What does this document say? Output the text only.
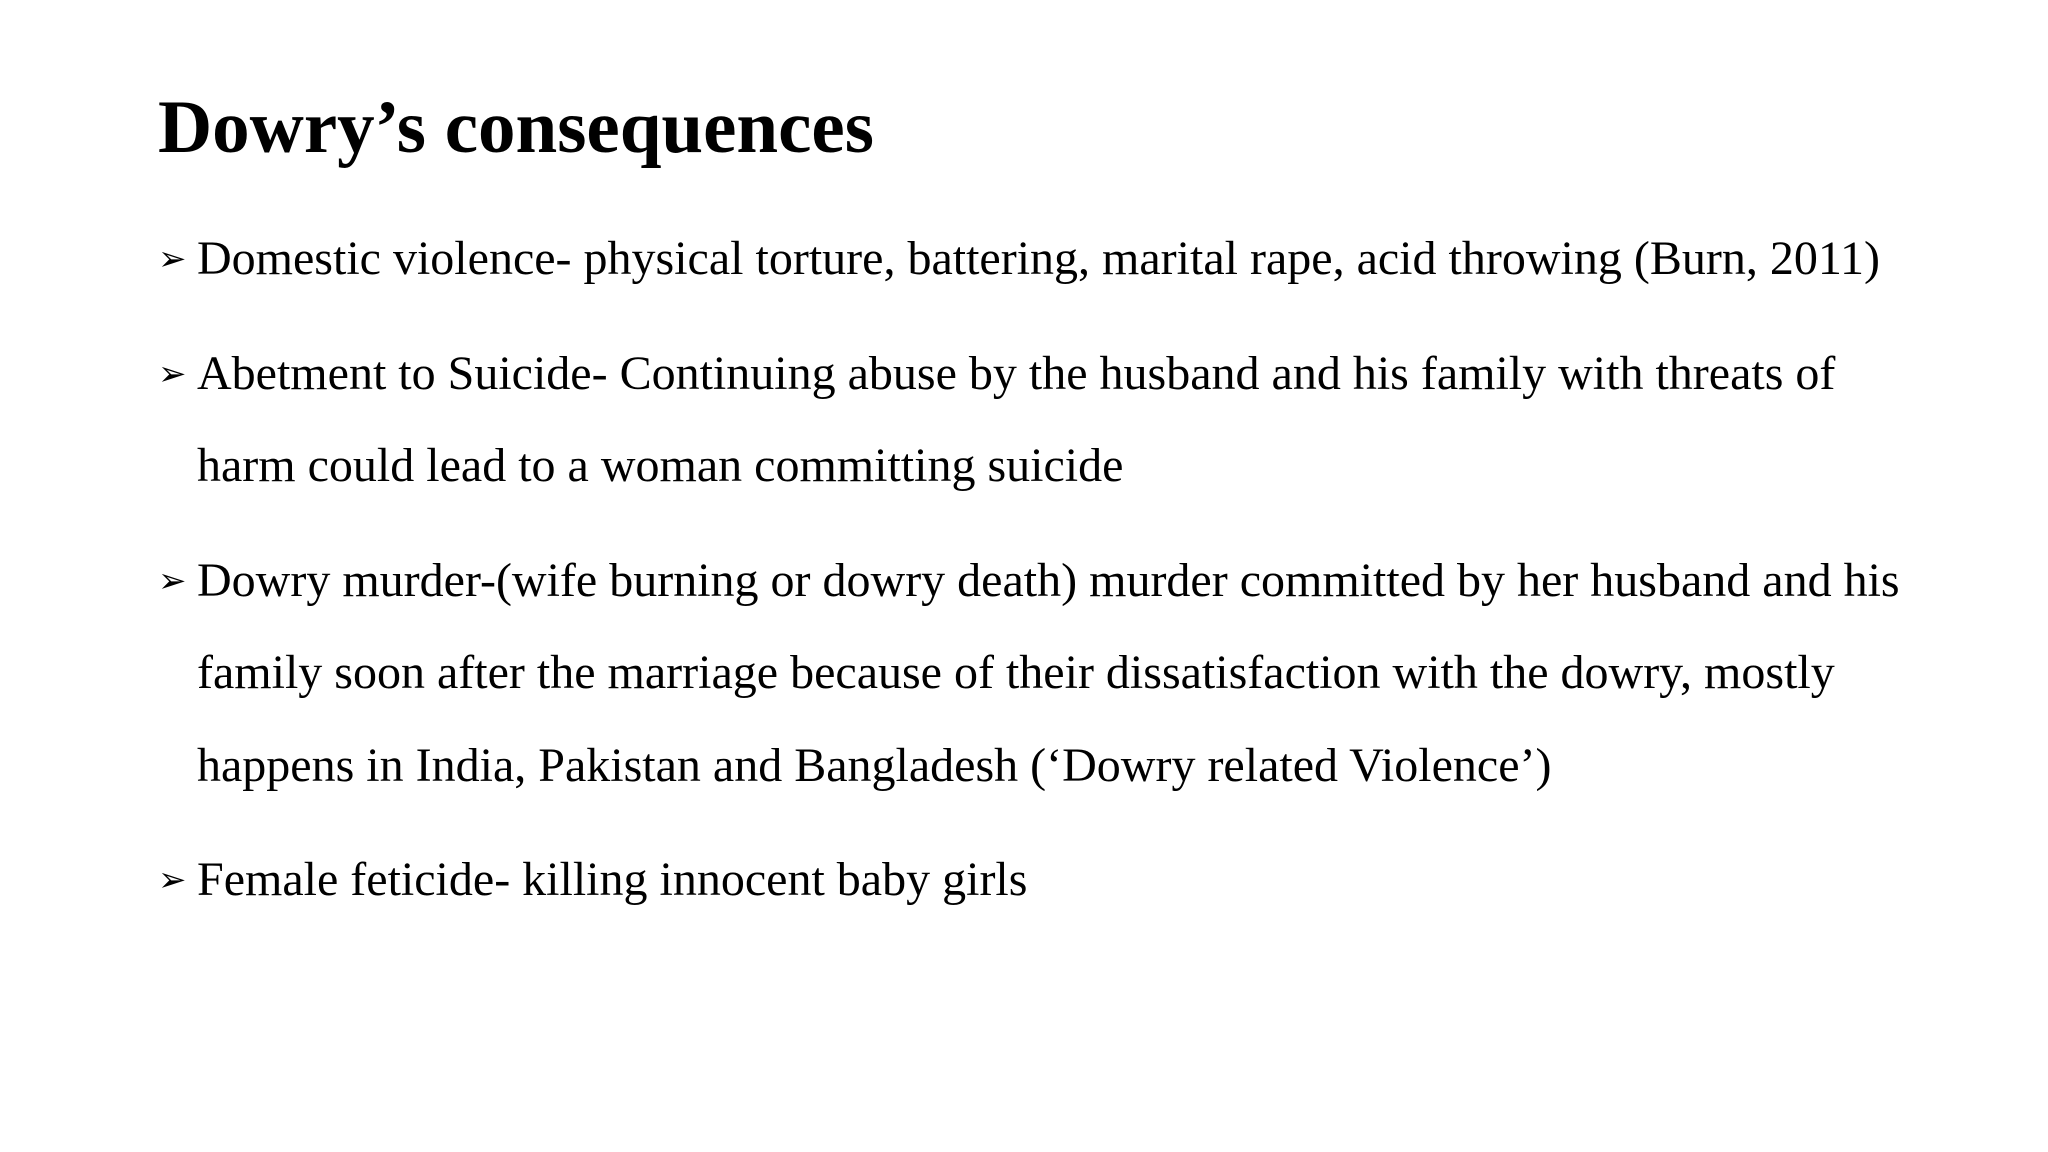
Dowry’s consequences
➢ Domestic violence- physical torture, battering, marital rape, acid throwing (Burn, 2011)
➢ Abetment to Suicide- Continuing abuse by the husband and his family with threats of harm could lead to a woman committing suicide
➢ Dowry murder-(wife burning or dowry death) murder committed by her husband and his family soon after the marriage because of their dissatisfaction with the dowry, mostly happens in India, Pakistan and Bangladesh (‘Dowry related Violence’)
➢ Female feticide- killing innocent baby girls
